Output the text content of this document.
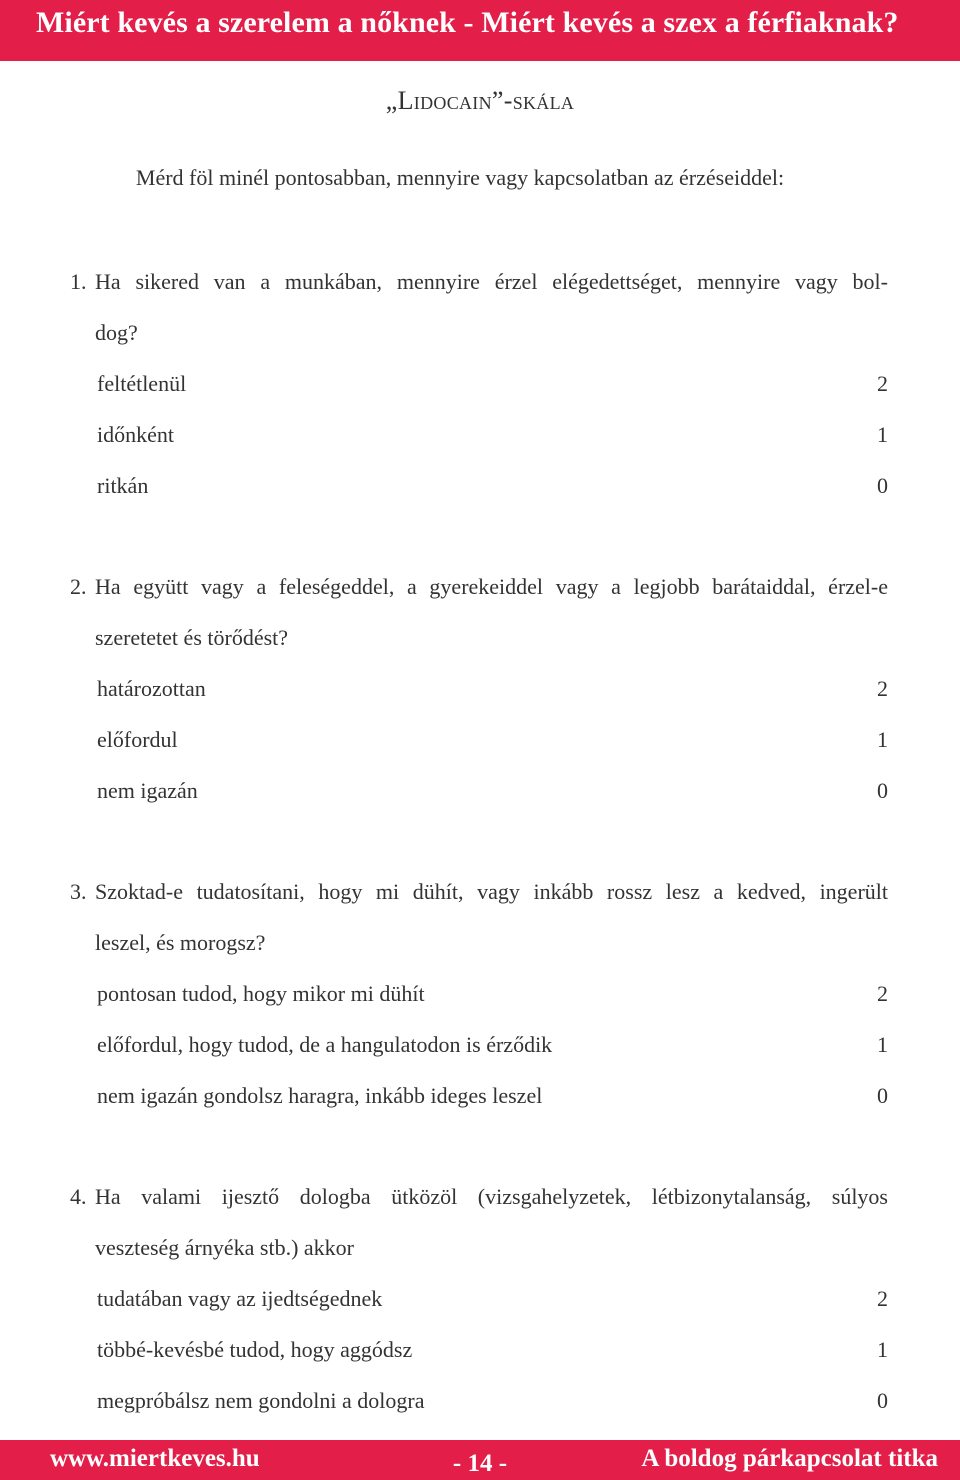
Miért kevés a szerelem a nőknek - Miért kevés a szex a férfiaknak?
„Lidocain”-skála
Mérd föl minél pontosabban, mennyire vagy kapcsolatban az érzéseiddel:
1. Ha sikered van a munkában, mennyire érzel elégedettséget, mennyire vagy bol-
dog?
feltétlenül	2
időnként	1
ritkán	0
2. Ha együtt vagy a feleségeddel, a gyerekeiddel vagy a legjobb barátaiddal, érzel-e
szeretetet és törődést?
határozottan	2
előfordul	1
nem igazán	0
3. Szoktad-e tudatosítani, hogy mi dühít, vagy inkább rossz lesz a kedved, ingerült
leszel, és morogsz?
pontosan tudod, hogy mikor mi dühít	2
előfordul, hogy tudod, de a hangulatodon is érződik	1
nem igazán gondolsz haragra, inkább ideges leszel	0
4. Ha valami ijesztő dologba ütközöl (vizsgahelyzetek, létbizonytalanság, súlyos
veszteség árnyéka stb.) akkor
tudatában vagy az ijedtségednek	2
többé-kevésbé tudod, hogy aggódsz	1
megpróbálsz nem gondolni a dologra	0
www.miertkeves.hu	- 14 -	A boldog párkapcsolat titka
